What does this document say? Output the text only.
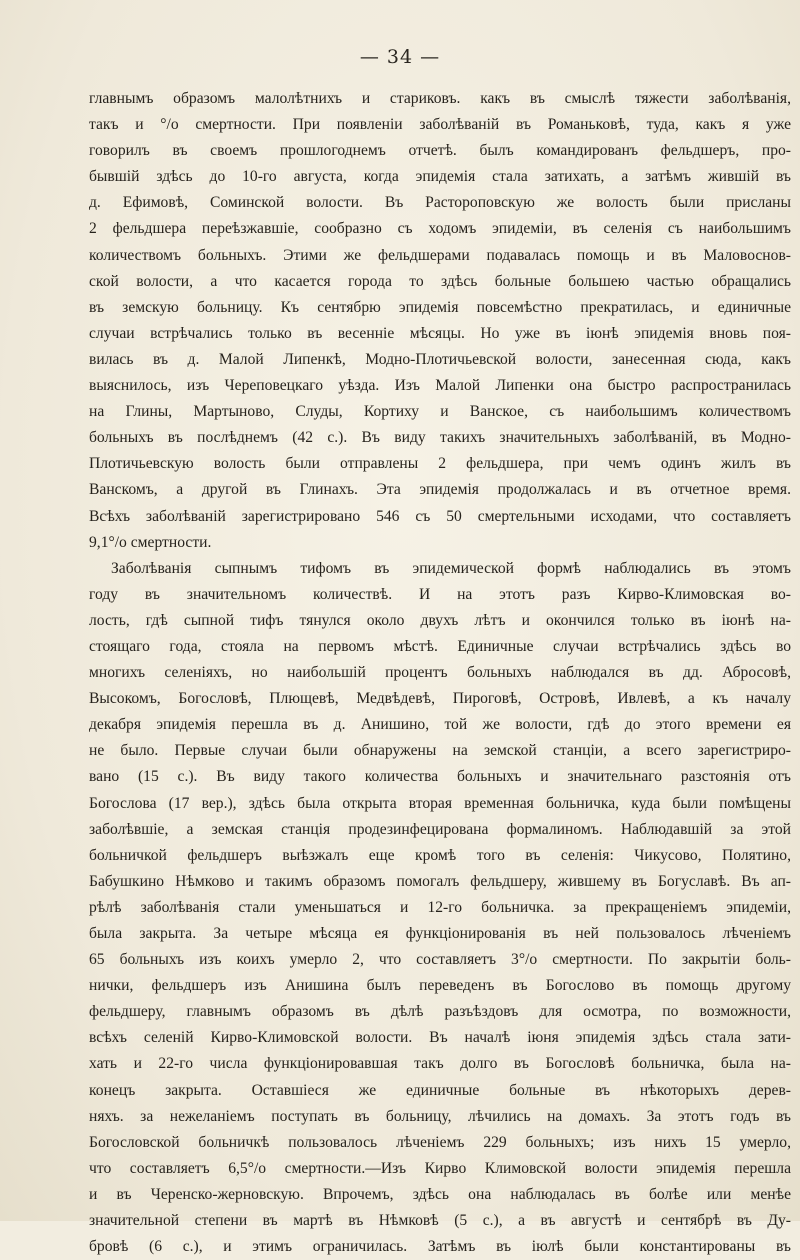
— 34 —
главнымъ образомъ малолѣтнихъ и стариковъ. какъ въ смыслѣ тяжести заболѣванія,
такъ и °/o смертности. При появленіи заболѣваній въ Романьковѣ, туда, какъ я уже
говорилъ въ своемъ прошлогоднемъ отчетѣ. былъ командированъ фельдшеръ, про-
бывшій здѣсь до 10-го августа, когда эпидемія стала затихать, а затѣмъ жившій въ
д. Ефимовѣ, Соминской волости. Въ Растороповскую же волость были присланы
2 фельдшера переѣзжавшіе, сообразно съ ходомъ эпидеміи, въ селенія съ наибольшимъ
количествомъ больныхъ. Этими же фельдшерами подавалась помощь и въ Маловоснов-
ской волости, а что касается города то здѣсь больные большею частью обращались
въ земскую больницу. Къ сентябрю эпидемія повсемѣстно прекратилась, и единичные
случаи встрѣчались только въ весенніе мѣсяцы. Но уже въ іюнѣ эпидемія вновь поя-
вилась въ д. Малой Липенкѣ, Модно-Плотичьевской волости, занесенная сюда, какъ
выяснилось, изъ Череповецкаго уѣзда. Изъ Малой Липенки она быстро распространилась
на Глины, Мартыново, Слуды, Кортиху и Ванское, съ наибольшимъ количествомъ
больныхъ въ послѣднемъ (42 с.). Въ виду такихъ значительныхъ заболѣваній, въ Модно-
Плотичьевскую волость были отправлены 2 фельдшера, при чемъ одинъ жилъ въ
Ванскомъ, а другой въ Глинахъ. Эта эпидемія продолжалась и въ отчетное время.
Всѣхъ заболѣваній зарегистрировано 546 съ 50 смертельными исходами, что составляетъ
9,1°/o смертности.
Заболѣванія сыпнымъ тифомъ въ эпидемической формѣ наблюдались въ этомъ
году въ значительномъ количествѣ. И на этотъ разъ Кирво-Климовская во-
лость, гдѣ сыпной тифъ тянулся около двухъ лѣтъ и окончился только въ іюнѣ на-
стоящаго года, стояла на первомъ мѣстѣ. Единичные случаи встрѣчались здѣсь во
многихъ селеніяхъ, но наибольшій процентъ больныхъ наблюдался въ дд. Абросовѣ,
Высокомъ, Богословѣ, Плющевѣ, Медвѣдевѣ, Пироговѣ, Островѣ, Ивлевѣ, а къ началу
декабря эпидемія перешла въ д. Анишино, той же волости, гдѣ до этого времени ея
не было. Первые случаи были обнаружены на земской станціи, а всего зарегистриро-
вано (15 с.). Въ виду такого количества больныхъ и значительнаго разстоянія отъ
Богослова (17 вер.), здѣсь была открыта вторая временная больничка, куда были помѣщены
заболѣвшіе, а земская станція продезинфецирована формалиномъ. Наблюдавшій за этой
больничкой фельдшеръ выѣзжалъ еще кромѣ того въ селенія: Чикусово, Полятино,
Бабушкино Нѣмково и такимъ образомъ помогалъ фельдшеру, жившему въ Богуславѣ. Въ ап-
рѣлѣ заболѣванія стали уменьшаться и 12-го больничка. за прекращеніемъ эпидеміи,
была закрыта. За четыре мѣсяца ея функціонированія въ ней пользовалось лѣченіемъ
65 больныхъ изъ коихъ умерло 2, что составляетъ 3°/o смертности. По закрытіи боль-
нички, фельдшеръ изъ Анишина былъ переведенъ въ Богослово въ помощь другому
фельдшеру, главнымъ образомъ въ дѣлѣ разъѣздовъ для осмотра, по возможности,
всѣхъ селеній Кирво-Климовской волости. Въ началѣ іюня эпидемія здѣсь стала зати-
хать и 22-го числа функціонировавшая такъ долго въ Богословѣ больничка, была на-
конецъ закрыта. Оставшіеся же единичные больные въ нѣкоторыхъ дерев-
няхъ. за нежеланіемъ поступать въ больницу, лѣчились на домахъ. За этотъ годъ въ
Богословской больничкѣ пользовалось лѣченіемъ 229 больныхъ; изъ нихъ 15 умерло,
что составляетъ 6,5°/o смертности.—Изъ Кирво Климовской волости эпидемія перешла
и въ Черенско-жерновскую. Впрочемъ, здѣсь она наблюдалась въ болѣе или менѣе
значительной степени въ мартѣ въ Нѣмковѣ (5 с.), а въ августѣ и сентябрѣ въ Ду-
бровѣ (6 с.), и этимъ ограничилась. Затѣмъ въ іюлѣ были константированы въ
